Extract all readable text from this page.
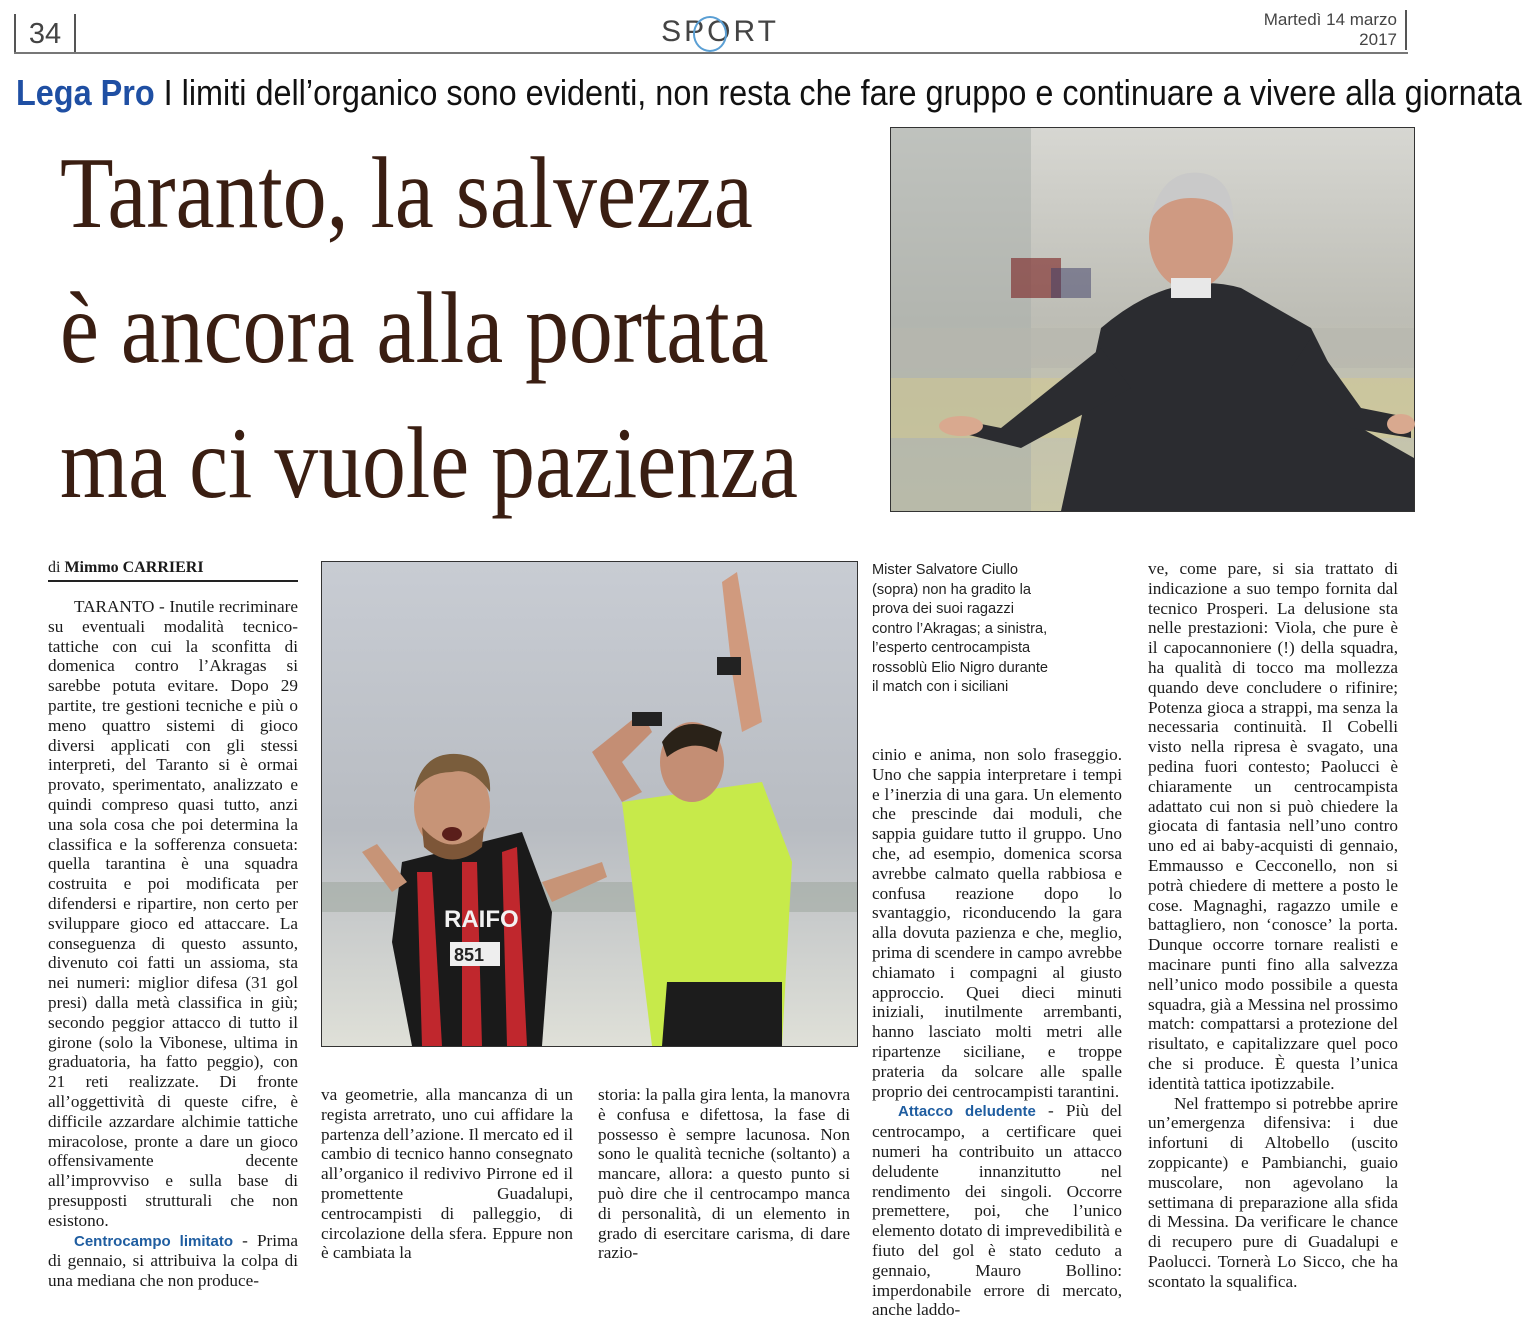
34	SPORT	Martedì 14 marzo
2017
Lega Pro I limiti dell’organico sono evidenti, non resta che fare gruppo e continuare a vivere alla giornata
Taranto, la salvezza
è ancora alla portata
ma ci vuole pazienza
di Mimmo CARRIERI
RAIFO
851
Mister Salvatore Ciullo (sopra) non ha gradito la prova dei suoi ragazzi contro l’Akragas; a sinistra, l’esperto centrocampista rossoblù Elio Nigro durante il match con i siciliani

TARANTO - Inutile recriminare su eventuali modalità tecnico-tattiche con cui la sconfitta di domenica contro l’Akragas si sarebbe potuta evitare. Dopo 29 partite, tre gestioni tecniche e più o meno quattro sistemi di gioco diversi applicati con gli stessi interpreti, del Taranto si è ormai provato, sperimentato, analizzato e quindi compreso quasi tutto, anzi una sola cosa che poi determina la classifica e la sofferenza consueta: quella tarantina è una squadra costruita e poi modificata per difendersi e ripartire, non certo per sviluppare gioco ed attaccare. La conseguenza di questo assunto, divenuto coi fatti un assioma, sta nei numeri: miglior difesa (31 gol presi) dalla metà classifica in giù; secondo peggior attacco di tutto il girone (solo la Vibonese, ultima in graduatoria, ha fatto peggio), con 21 reti realizzate. Di fronte all’oggettività di queste cifre, è difficile azzardare alchimie tattiche miracolose, pronte a dare un gioco offensivamente decente all’improvviso e sulla base di presupposti strutturali che non esistono.

Centrocampo limitato - Prima di gennaio, si attribuiva la colpa di una mediana che non produce-

va geometrie, alla mancanza di un regista arretrato, uno cui affidare la partenza dell’azione. Il mercato ed il cambio di tecnico hanno consegnato all’organico il redivivo Pirrone ed il promettente Guadalupi, centrocampisti di palleggio, di circolazione della sfera. Eppure non è cambiata la

storia: la palla gira lenta, la manovra è confusa e difettosa, la fase di possesso è sempre lacunosa. Non sono le qualità tecniche (soltanto) a mancare, allora: a questo punto si può dire che il centrocampo manca di personalità, di un elemento in grado di esercitare carisma, di dare razio-

cinio e anima, non solo fraseggio. Uno che sappia interpretare i tempi e l’inerzia di una gara. Un elemento che prescinde dai moduli, che sappia guidare tutto il gruppo. Uno che, ad esempio, domenica scorsa avrebbe calmato quella rabbiosa e confusa reazione dopo lo svantaggio, riconducendo la gara alla dovuta pazienza e che, meglio, prima di scendere in campo avrebbe chiamato i compagni al giusto approccio. Quei dieci minuti iniziali, inutilmente arrembanti, hanno lasciato molti metri alle ripartenze siciliane, e troppe prateria da solcare alle spalle proprio dei centrocampisti tarantini.

Attacco deludente - Più del centrocampo, a certificare quei numeri ha contribuito un attacco deludente innanzitutto nel rendimento dei singoli. Occorre premettere, poi, che l’unico elemento dotato di imprevedibilità e fiuto del gol è stato ceduto a gennaio, Mauro Bollino: imperdonabile errore di mercato, anche laddo-

ve, come pare, si sia trattato di indicazione a suo tempo fornita dal tecnico Prosperi. La delusione sta nelle prestazioni: Viola, che pure è il capocannoniere (!) della squadra, ha qualità di tocco ma mollezza quando deve concludere o rifinire; Potenza gioca a strappi, ma senza la necessaria continuità. Il Cobelli visto nella ripresa è svagato, una pedina fuori contesto; Paolucci è chiaramente un centrocampista adattato cui non si può chiedere la giocata di fantasia nell’uno contro uno ed ai baby-acquisti di gennaio, Emmausso e Cecconello, non si potrà chiedere di mettere a posto le cose. Magnaghi, ragazzo umile e battagliero, non ‘conosce’ la porta. Dunque occorre tornare realisti e macinare punti fino alla salvezza nell’unico modo possibile a questa squadra, già a Messina nel prossimo match: compattarsi a protezione del risultato, e capitalizzare quel poco che si produce. È questa l’unica identità tattica ipotizzabile.

Nel frattempo si potrebbe aprire un’emergenza difensiva: i due infortuni di Altobello (uscito zoppicante) e Pambianchi, guaio muscolare, non agevolano la settimana di preparazione alla sfida di Messina. Da verificare le chance di recupero pure di Guadalupi e Paolucci. Tornerà Lo Sicco, che ha scontato la squalifica.
